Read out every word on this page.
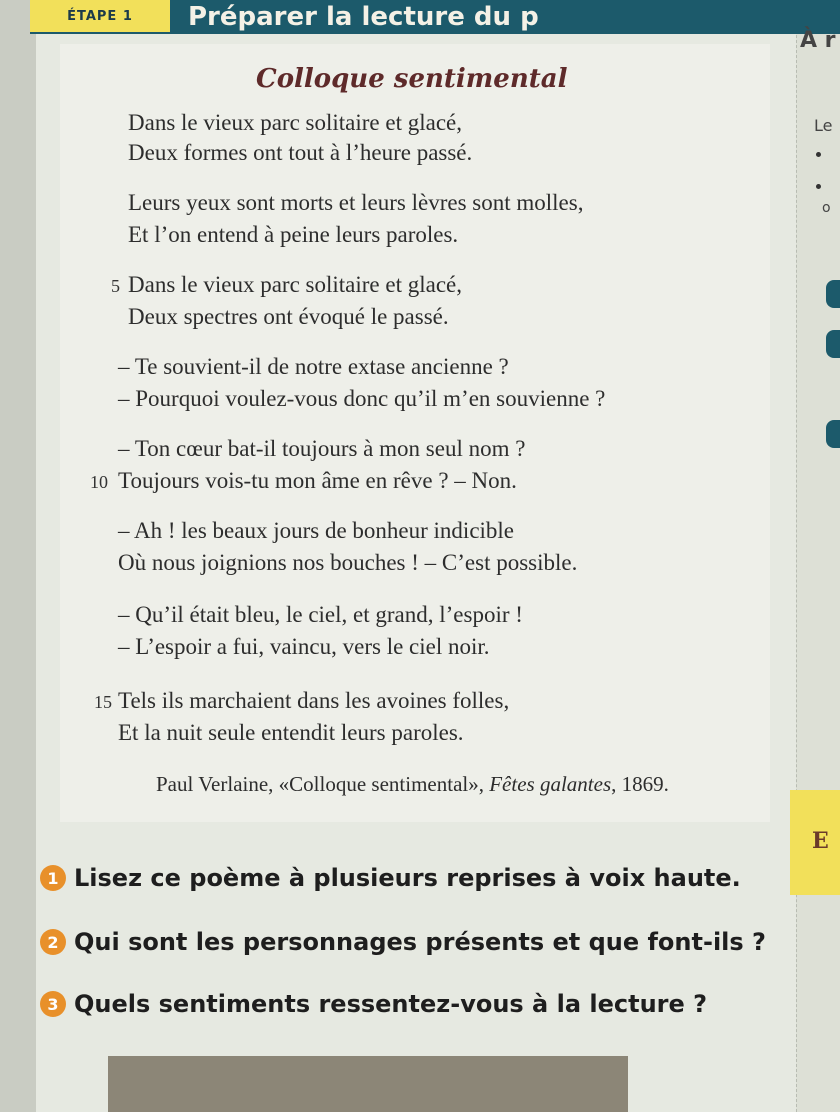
ÉTAPE 1	Préparer la lecture du p
Colloque sentimental
Dans le vieux parc solitaire et glacé,
Deux formes ont tout à l’heure passé.
Leurs yeux sont morts et leurs lèvres sont molles,
Et l’on entend à peine leurs paroles.
5 Dans le vieux parc solitaire et glacé,
Deux spectres ont évoqué le passé.
– Te souvient-il de notre extase ancienne ?
– Pourquoi voulez-vous donc qu’il m’en souvienne ?
– Ton cœur bat-il toujours à mon seul nom ?
10 Toujours vois-tu mon âme en rêve ? – Non.
– Ah ! les beaux jours de bonheur indicible
Où nous joignions nos bouches ! – C’est possible.
– Qu’il était bleu, le ciel, et grand, l’espoir !
– L’espoir a fui, vaincu, vers le ciel noir.
15 Tels ils marchaient dans les avoines folles,
Et la nuit seule entendit leurs paroles.
Paul Verlaine, «Colloque sentimental», Fêtes galantes, 1869.
1 Lisez ce poème à plusieurs reprises à voix haute.
2 Qui sont les personnages présents et que font-ils ?
3 Quels sentiments ressentez-vous à la lecture ?
À r
Le
o
E
